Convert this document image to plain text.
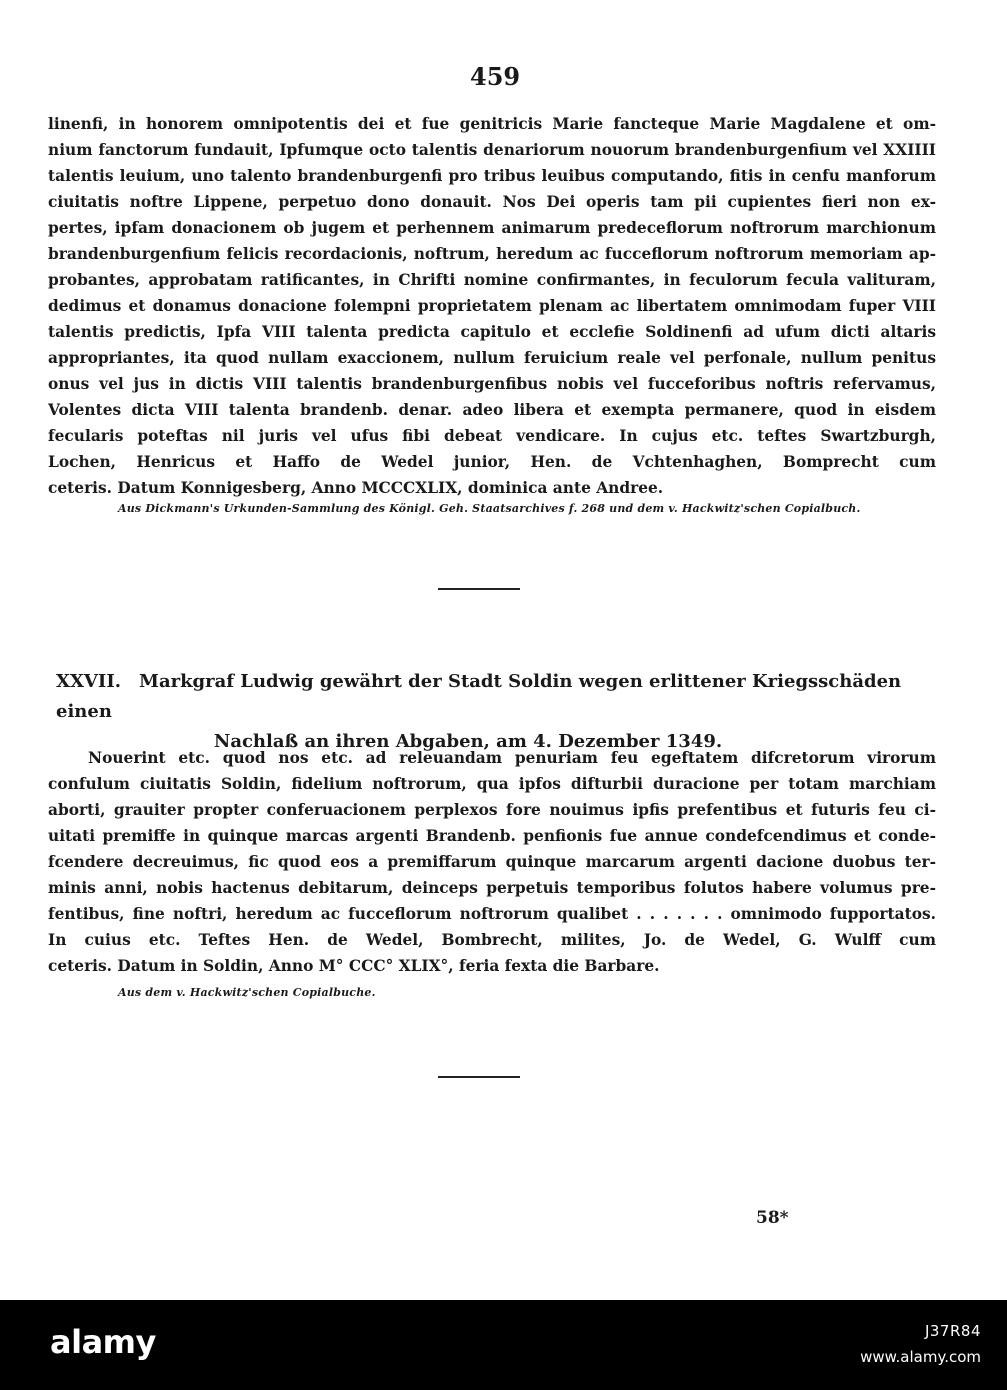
459
linenfi, in honorem omnipotentis dei et fue genitricis Marie fancteque Marie Magdalene et om-
nium fanctorum fundauit, Ipfumque octo talentis denariorum nouorum brandenburgenfium vel XXIIII
talentis leuium, uno talento brandenburgenfi pro tribus leuibus computando, fitis in cenfu manforum
ciuitatis noftre Lippene, perpetuo dono donauit. Nos Dei operis tam pii cupientes fieri non ex-
pertes, ipfam donacionem ob jugem et perhennem animarum predeceflorum noftrorum marchionum
brandenburgenfium felicis recordacionis, noftrum, heredum ac fucceflorum noftrorum memoriam ap-
probantes, approbatam ratificantes, in Chrifti nomine confirmantes, in feculorum fecula valituram,
dedimus et donamus donacione folempni proprietatem plenam ac libertatem omnimodam fuper VIII
talentis predictis, Ipfa VIII talenta predicta capitulo et ecclefie Soldinenfi ad ufum dicti altaris
appropriantes, ita quod nullam exaccionem, nullum feruicium reale vel perfonale, nullum penitus
onus vel jus in dictis VIII talentis brandenburgenfibus nobis vel fucceforibus noftris refervamus,
Volentes dicta VIII talenta brandenb. denar. adeo libera et exempta permanere, quod in eisdem
fecularis poteftas nil juris vel ufus fibi debeat vendicare. In cujus etc. teftes Swartzburgh,
Lochen, Henricus et Haffo de Wedel junior, Hen. de Vchtenhaghen, Bomprecht cum
ceteris. Datum Konnigesberg, Anno MCCCXLIX, dominica ante Andree.
Aus Dickmann's Urkunden-Sammlung des Königl. Geh. Staatsarchives f. 268 und dem v. Hackwitz'schen Copialbuch.
XXVII. Markgraf Ludwig gewährt der Stadt Soldin wegen erlittener Kriegsschäden einen
Nachlaß an ihren Abgaben, am 4. Dezember 1349.
Nouerint etc. quod nos etc. ad releuandam penuriam feu egeftatem difcretorum virorum
confulum ciuitatis Soldin, fidelium noftrorum, qua ipfos difturbii duracione per totam marchiam
aborti, grauiter propter conferuacionem perplexos fore nouimus ipfis prefentibus et futuris feu ci-
uitati premiffe in quinque marcas argenti Brandenb. penfionis fue annue condefcendimus et conde-
fcendere decreuimus, fic quod eos a premiffarum quinque marcarum argenti dacione duobus ter-
minis anni, nobis hactenus debitarum, deinceps perpetuis temporibus folutos habere volumus pre-
fentibus, fine noftri, heredum ac fucceflorum noftrorum qualibet . . . . . . . omnimodo fupportatos.
In cuius etc. Teftes Hen. de Wedel, Bombrecht, milites, Jo. de Wedel, G. Wulff cum
ceteris. Datum in Soldin, Anno M° CCC° XLIX°, feria fexta die Barbare.
Aus dem v. Hackwitz'schen Copialbuche.
58*
alamy	J37R84
www.alamy.com
